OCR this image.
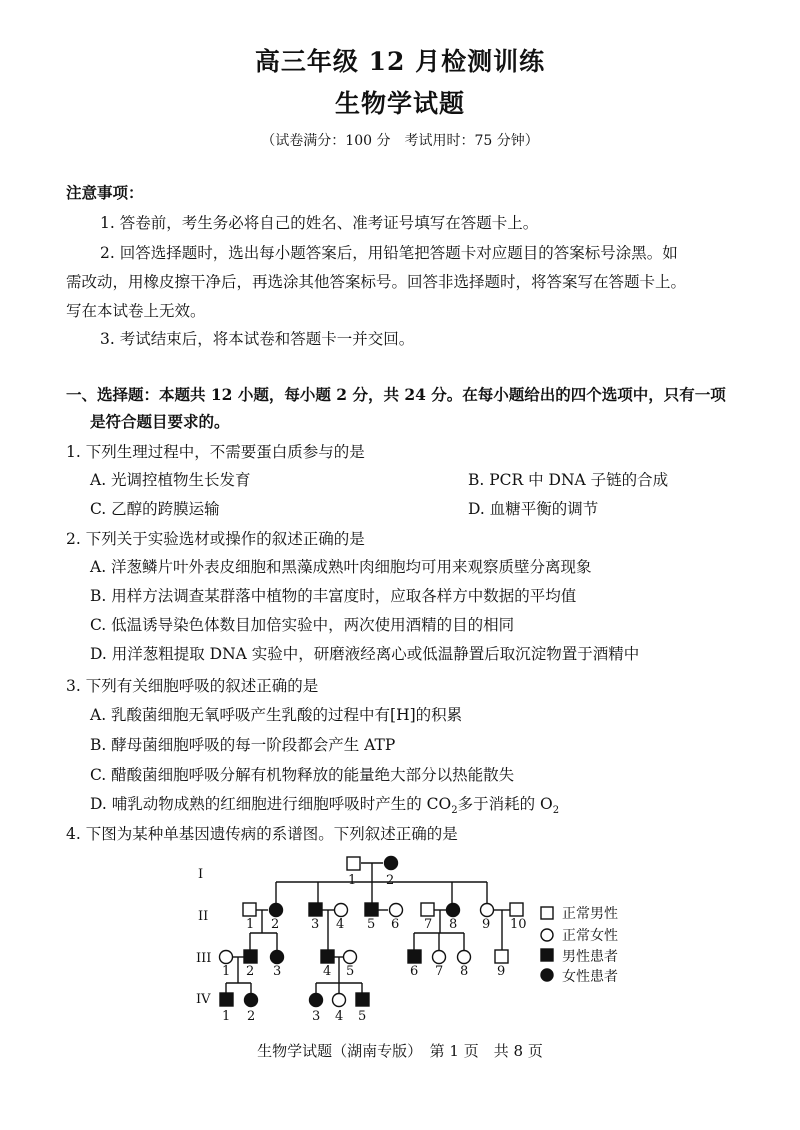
高三年级 12 月检测训练
生物学试题
（试卷满分：100 分　考试用时：75 分钟）
注意事项：
1. 答卷前，考生务必将自己的姓名、准考证号填写在答题卡上。
2. 回答选择题时，选出每小题答案后，用铅笔把答题卡对应题目的答案标号涂黑。如
需改动，用橡皮擦干净后，再选涂其他答案标号。回答非选择题时，将答案写在答题卡上。
写在本试卷上无效。
3. 考试结束后，将本试卷和答题卡一并交回。
一、选择题：本题共 12 小题，每小题 2 分，共 24 分。在每小题给出的四个选项中，只有一项
是符合题目要求的。
1. 下列生理过程中，不需要蛋白质参与的是
A. 光调控植物生长发育	B. PCR 中 DNA 子链的合成
C. 乙醇的跨膜运输	D. 血糖平衡的调节
2. 下列关于实验选材或操作的叙述正确的是
A. 洋葱鳞片叶外表皮细胞和黑藻成熟叶肉细胞均可用来观察质壁分离现象
B. 用样方法调查某群落中植物的丰富度时，应取各样方中数据的平均值
C. 低温诱导染色体数目加倍实验中，两次使用酒精的目的相同
D. 用洋葱粗提取 DNA 实验中，研磨液经离心或低温静置后取沉淀物置于酒精中
3. 下列有关细胞呼吸的叙述正确的是
A. 乳酸菌细胞无氧呼吸产生乳酸的过程中有[H]的积累
B. 酵母菌细胞呼吸的每一阶段都会产生 ATP
C. 醋酸菌细胞呼吸分解有机物释放的能量绝大部分以热能散失
D. 哺乳动物成熟的红细胞进行细胞呼吸时产生的 $CO_2$多于消耗的 $O_2$
4. 下图为某种单基因遗传病的系谱图。下列叙述正确的是
I
II
III
IV
1 2
1 2 3 4 5 6 7 8 9 10
1 2 3	4 5	6 7 8 9
1 2	3 4 5
正常男性
正常女性
男性患者
女性患者
生物学试题（湖南专版）　第 1 页　共 8 页
